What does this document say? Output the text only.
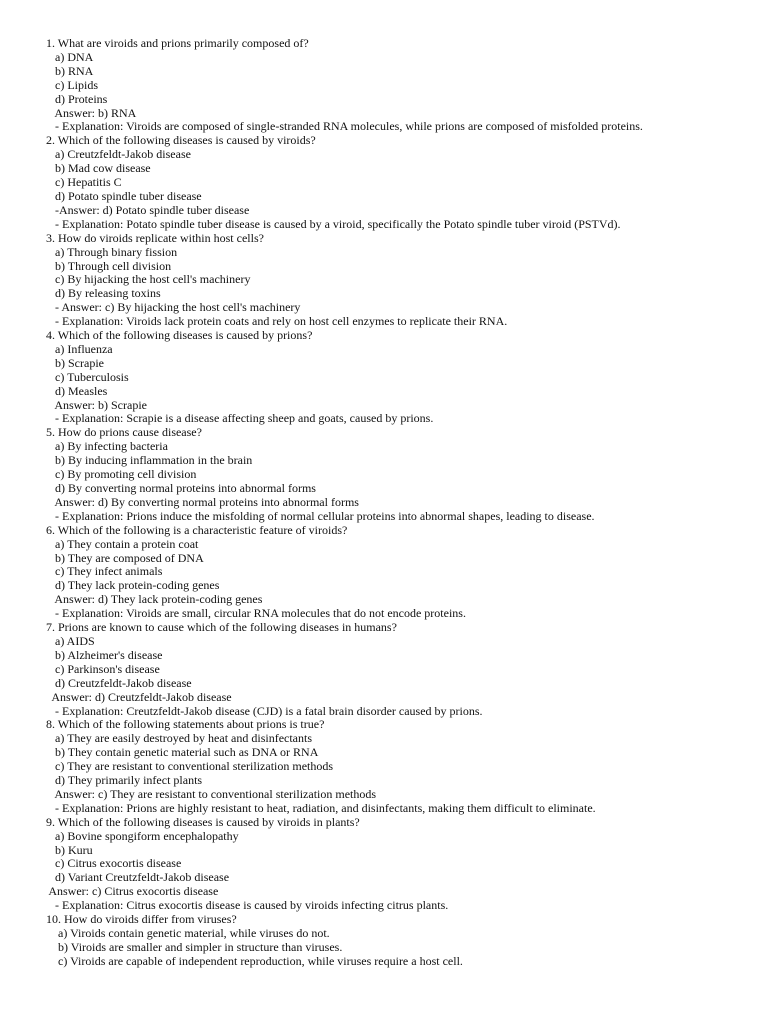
1. What are viroids and prions primarily composed of?
a) DNA
b) RNA
c) Lipids
d) Proteins
Answer: b) RNA
- Explanation: Viroids are composed of single-stranded RNA molecules, while prions are composed of misfolded proteins.
2. Which of the following diseases is caused by viroids?
a) Creutzfeldt-Jakob disease
b) Mad cow disease
c) Hepatitis C
d) Potato spindle tuber disease
-Answer: d) Potato spindle tuber disease
- Explanation: Potato spindle tuber disease is caused by a viroid, specifically the Potato spindle tuber viroid (PSTVd).
3. How do viroids replicate within host cells?
a) Through binary fission
b) Through cell division
c) By hijacking the host cell's machinery
d) By releasing toxins
- Answer: c) By hijacking the host cell's machinery
- Explanation: Viroids lack protein coats and rely on host cell enzymes to replicate their RNA.
4. Which of the following diseases is caused by prions?
a) Influenza
b) Scrapie
c) Tuberculosis
d) Measles
Answer: b) Scrapie
- Explanation: Scrapie is a disease affecting sheep and goats, caused by prions.
5. How do prions cause disease?
a) By infecting bacteria
b) By inducing inflammation in the brain
c) By promoting cell division
d) By converting normal proteins into abnormal forms
Answer: d) By converting normal proteins into abnormal forms
- Explanation: Prions induce the misfolding of normal cellular proteins into abnormal shapes, leading to disease.
6. Which of the following is a characteristic feature of viroids?
a) They contain a protein coat
b) They are composed of DNA
c) They infect animals
d) They lack protein-coding genes
Answer: d) They lack protein-coding genes
- Explanation: Viroids are small, circular RNA molecules that do not encode proteins.
7. Prions are known to cause which of the following diseases in humans?
a) AIDS
b) Alzheimer's disease
c) Parkinson's disease
d) Creutzfeldt-Jakob disease
Answer: d) Creutzfeldt-Jakob disease
- Explanation: Creutzfeldt-Jakob disease (CJD) is a fatal brain disorder caused by prions.
8. Which of the following statements about prions is true?
a) They are easily destroyed by heat and disinfectants
b) They contain genetic material such as DNA or RNA
c) They are resistant to conventional sterilization methods
d) They primarily infect plants
Answer: c) They are resistant to conventional sterilization methods
- Explanation: Prions are highly resistant to heat, radiation, and disinfectants, making them difficult to eliminate.
9. Which of the following diseases is caused by viroids in plants?
a) Bovine spongiform encephalopathy
b) Kuru
c) Citrus exocortis disease
d) Variant Creutzfeldt-Jakob disease
Answer: c) Citrus exocortis disease
- Explanation: Citrus exocortis disease is caused by viroids infecting citrus plants.
10. How do viroids differ from viruses?
a) Viroids contain genetic material, while viruses do not.
b) Viroids are smaller and simpler in structure than viruses.
c) Viroids are capable of independent reproduction, while viruses require a host cell.
